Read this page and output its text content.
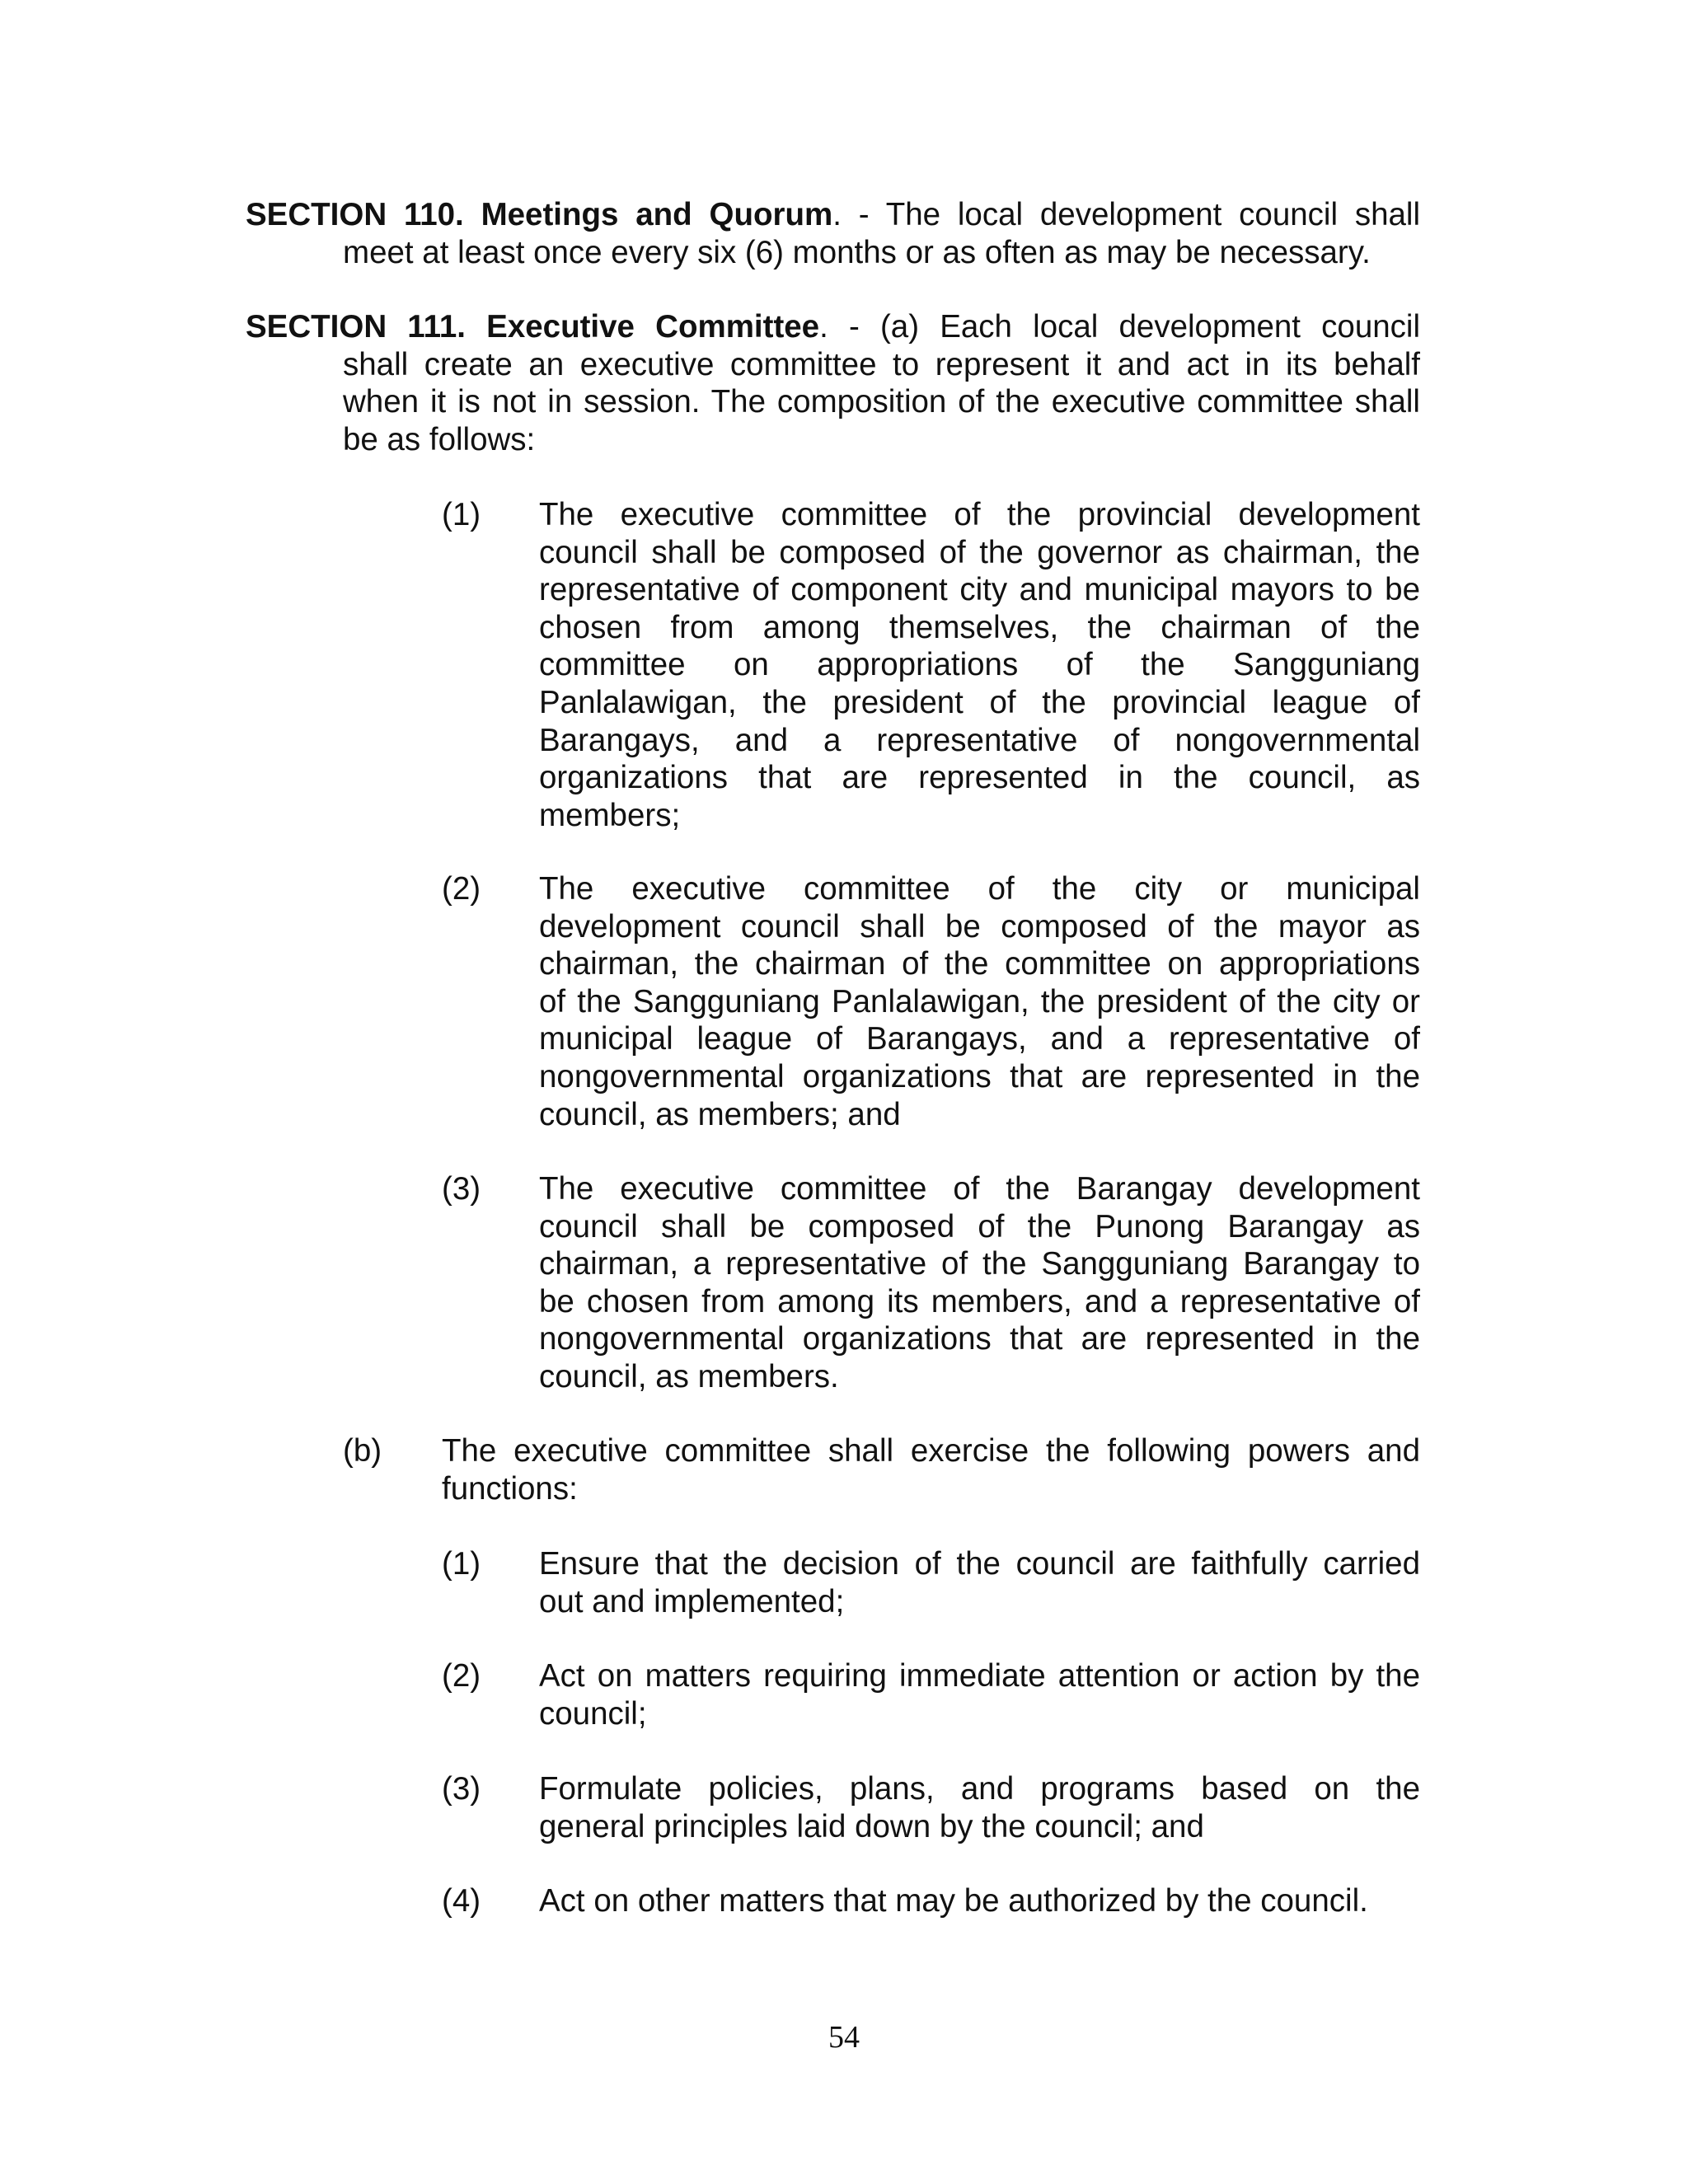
SECTION 110. Meetings and Quorum. - The local development council shall
meet at least once every six (6) months or as often as may be necessary.
SECTION 111. Executive Committee. - (a) Each local development council
shall create an executive committee to represent it and act in its behalf
when it is not in session. The composition of the executive committee shall
be as follows:
(1) The executive committee of the provincial development
council shall be composed of the governor as chairman, the
representative of component city and municipal mayors to be
chosen from among themselves, the chairman of the
committee on appropriations of the Sangguniang
Panlalawigan, the president of the provincial league of
Barangays, and a representative of nongovernmental
organizations that are represented in the council, as
members;
(2) The executive committee of the city or municipal
development council shall be composed of the mayor as
chairman, the chairman of the committee on appropriations
of the Sangguniang Panlalawigan, the president of the city or
municipal league of Barangays, and a representative of
nongovernmental organizations that are represented in the
council, as members; and
(3) The executive committee of the Barangay development
council shall be composed of the Punong Barangay as
chairman, a representative of the Sangguniang Barangay to
be chosen from among its members, and a representative of
nongovernmental organizations that are represented in the
council, as members.
(b) The executive committee shall exercise the following powers and
functions:
(1) Ensure that the decision of the council are faithfully carried
out and implemented;
(2) Act on matters requiring immediate attention or action by the
council;
(3) Formulate policies, plans, and programs based on the
general principles laid down by the council; and
(4) Act on other matters that may be authorized by the council.
54
